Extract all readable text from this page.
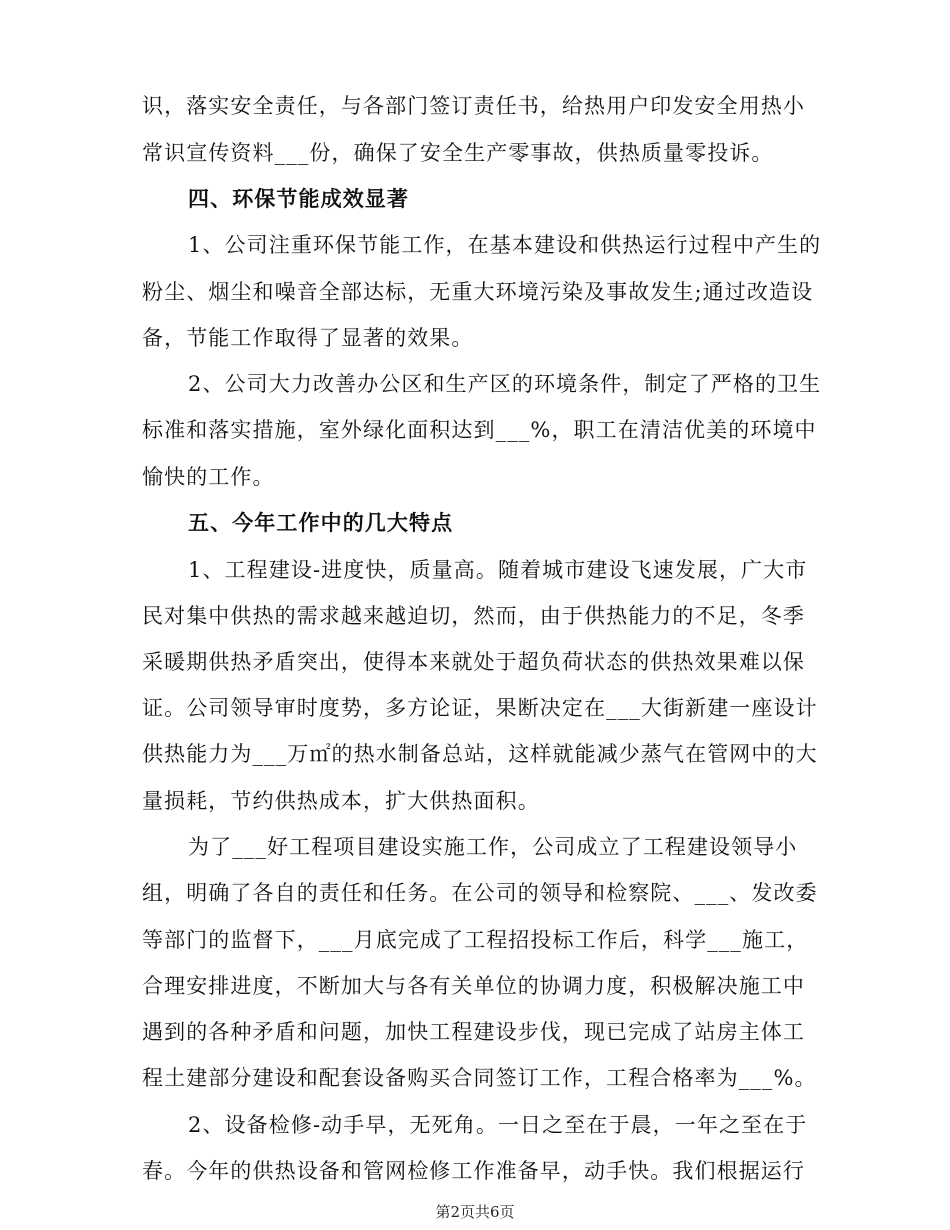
识，落实安全责任，与各部门签订责任书，给热用户印发安全用热小
常识宣传资料___份，确保了安全生产零事故，供热质量零投诉。
四、环保节能成效显著
1、公司注重环保节能工作，在基本建设和供热运行过程中产生的
粉尘、烟尘和噪音全部达标，无重大环境污染及事故发生;通过改造设
备，节能工作取得了显著的效果。
2、公司大力改善办公区和生产区的环境条件，制定了严格的卫生
标准和落实措施，室外绿化面积达到___%，职工在清洁优美的环境中
愉快的工作。
五、今年工作中的几大特点
1、工程建设-进度快，质量高。随着城市建设飞速发展，广大市
民对集中供热的需求越来越迫切，然而，由于供热能力的不足，冬季
采暖期供热矛盾突出，使得本来就处于超负荷状态的供热效果难以保
证。公司领导审时度势，多方论证，果断决定在___大街新建一座设计
供热能力为___万㎡的热水制备总站，这样就能减少蒸气在管网中的大
量损耗，节约供热成本，扩大供热面积。
为了___好工程项目建设实施工作，公司成立了工程建设领导小
组，明确了各自的责任和任务。在公司的领导和检察院、___、发改委
等部门的监督下，___月底完成了工程招投标工作后，科学___施工，
合理安排进度，不断加大与各有关单位的协调力度，积极解决施工中
遇到的各种矛盾和问题，加快工程建设步伐，现已完成了站房主体工
程土建部分建设和配套设备购买合同签订工作，工程合格率为___%。
2、设备检修-动手早，无死角。一日之至在于晨，一年之至在于
春。今年的供热设备和管网检修工作准备早，动手快。我们根据运行
第2页共6页
